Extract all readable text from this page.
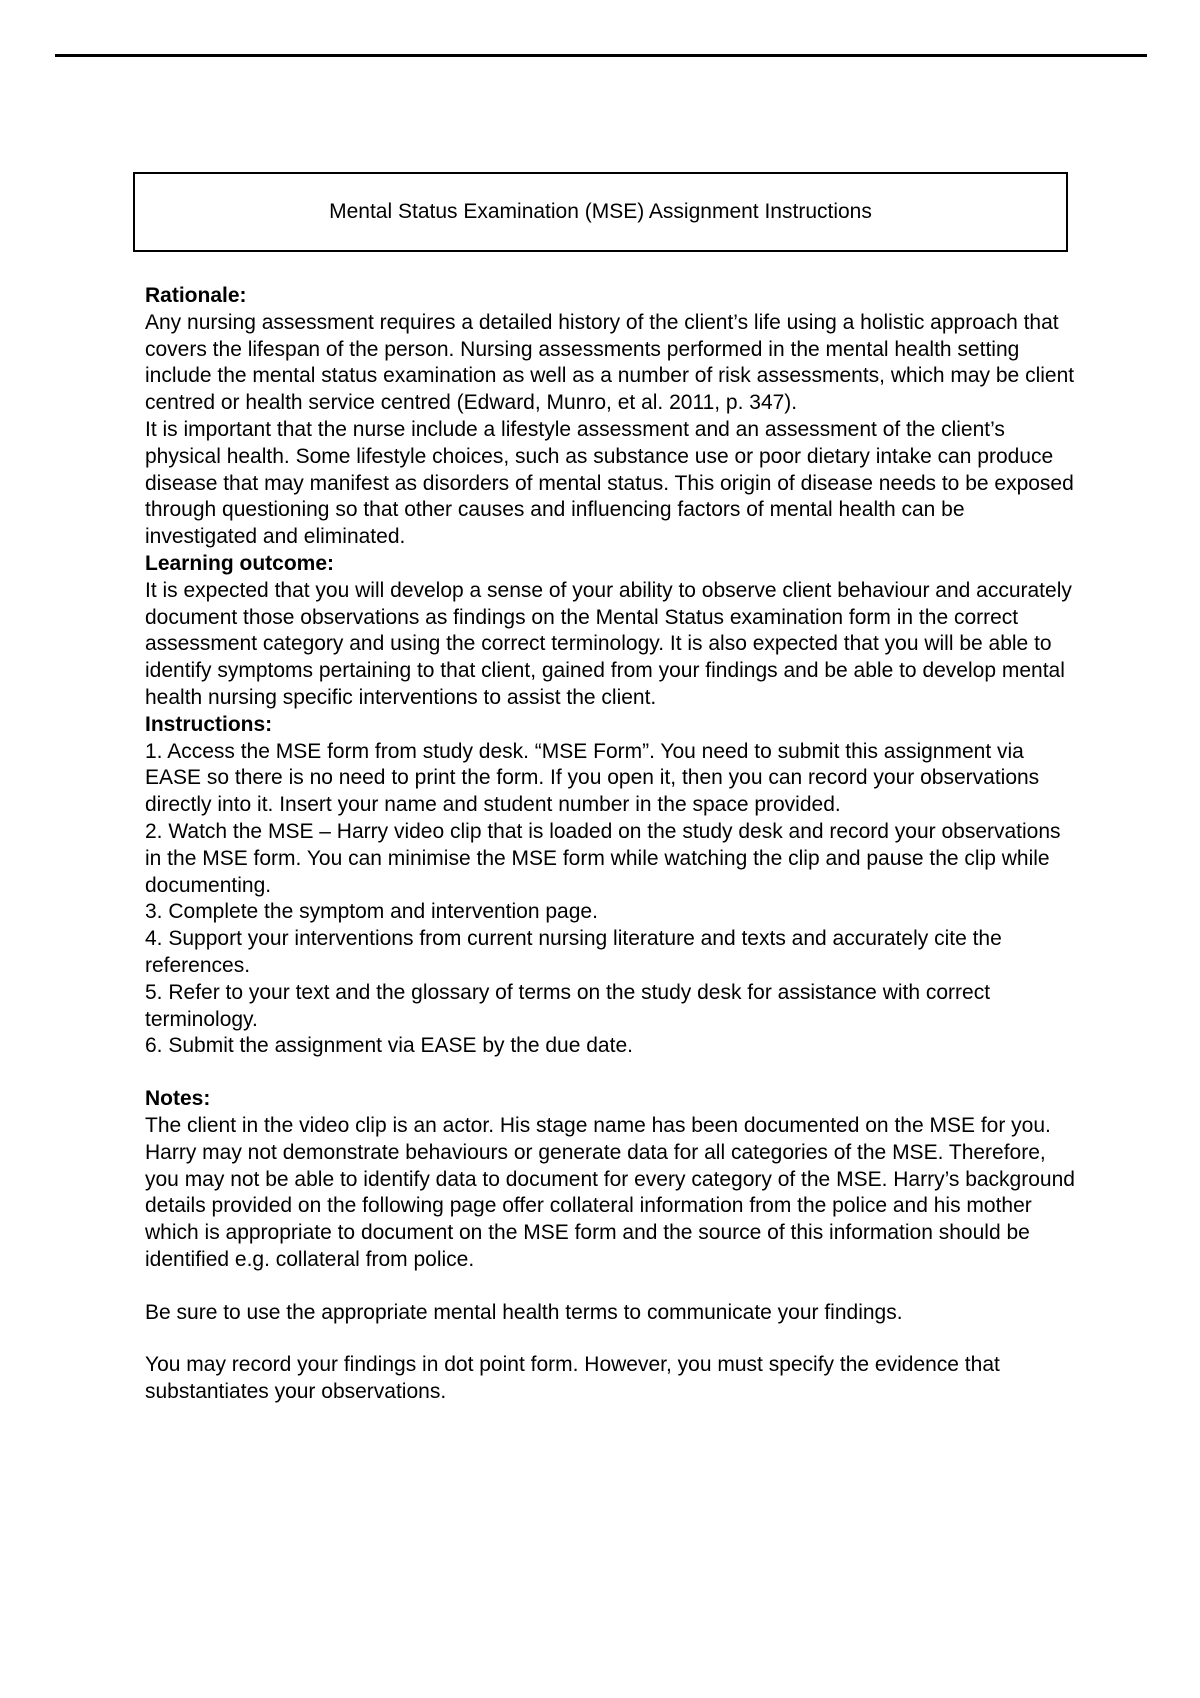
Mental Status Examination (MSE) Assignment Instructions

Rationale:

Any nursing assessment requires a detailed history of the client’s life using a holistic approach that covers the lifespan of the person. Nursing assessments performed in the mental health setting include the mental status examination as well as a number of risk assessments, which may be client centred or health service centred (Edward, Munro, et al. 2011, p. 347).

It is important that the nurse include a lifestyle assessment and an assessment of the client’s physical health. Some lifestyle choices, such as substance use or poor dietary intake can produce disease that may manifest as disorders of mental status. This origin of disease needs to be exposed through questioning so that other causes and influencing factors of mental health can be investigated and eliminated.

Learning outcome:

It is expected that you will develop a sense of your ability to observe client behaviour and accurately document those observations as findings on the Mental Status examination form in the correct assessment category and using the correct terminology. It is also expected that you will be able to identify symptoms pertaining to that client, gained from your findings and be able to develop mental health nursing specific interventions to assist the client.

Instructions:

1. Access the MSE form from study desk. “MSE Form”. You need to submit this assignment via EASE so there is no need to print the form. If you open it, then you can record your observations directly into it. Insert your name and student number in the space provided.

2. Watch the MSE – Harry video clip that is loaded on the study desk and record your observations in the MSE form. You can minimise the MSE form while watching the clip and pause the clip while documenting.

3. Complete the symptom and intervention page.

4. Support your interventions from current nursing literature and texts and accurately cite the references.

5. Refer to your text and the glossary of terms on the study desk for assistance with correct terminology.

6. Submit the assignment via EASE by the due date.

Notes:

The client in the video clip is an actor. His stage name has been documented on the MSE for you. Harry may not demonstrate behaviours or generate data for all categories of the MSE. Therefore, you may not be able to identify data to document for every category of the MSE. Harry’s background details provided on the following page offer collateral information from the police and his mother which is appropriate to document on the MSE form and the source of this information should be identified e.g. collateral from police.

Be sure to use the appropriate mental health terms to communicate your findings.

You may record your findings in dot point form. However, you must specify the evidence that substantiates your observations.
